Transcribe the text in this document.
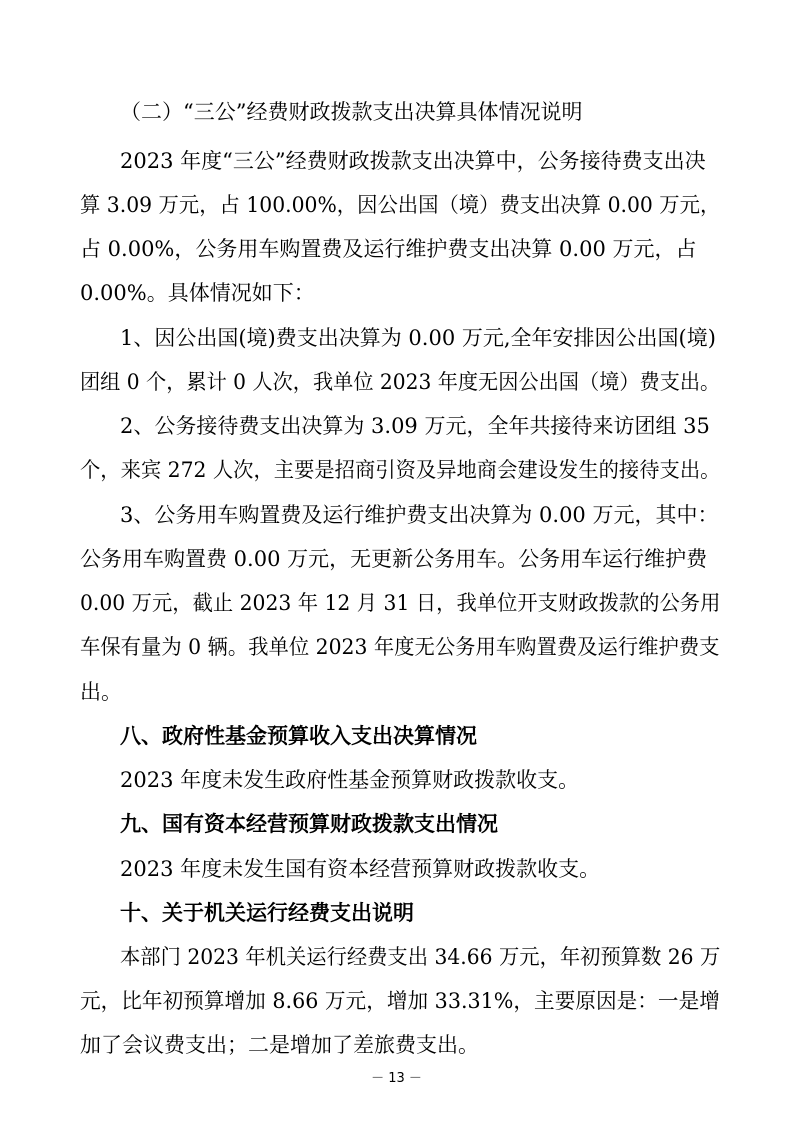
（二）“三公”经费财政拨款支出决算具体情况说明
2023 年度“三公”经费财政拨款支出决算中，公务接待费支出决
算 3.09 万元，占 100.00%，因公出国（境）费支出决算 0.00 万元，
占 0.00%，公务用车购置费及运行维护费支出决算 0.00 万元，占
0.00%。具体情况如下：
1、因公出国(境)费支出决算为 0.00 万元,全年安排因公出国(境)
团组 0 个，累计 0 人次，我单位 2023 年度无因公出国（境）费支出。
2、公务接待费支出决算为 3.09 万元，全年共接待来访团组 35
个，来宾 272 人次，主要是招商引资及异地商会建设发生的接待支出。
3、公务用车购置费及运行维护费支出决算为 0.00 万元，其中：
公务用车购置费 0.00 万元，无更新公务用车。公务用车运行维护费
0.00 万元，截止 2023 年 12 月 31 日，我单位开支财政拨款的公务用
车保有量为 0 辆。我单位 2023 年度无公务用车购置费及运行维护费支
出。
八、政府性基金预算收入支出决算情况
2023 年度未发生政府性基金预算财政拨款收支。
九、国有资本经营预算财政拨款支出情况
2023 年度未发生国有资本经营预算财政拨款收支。
十、关于机关运行经费支出说明
本部门 2023 年机关运行经费支出 34.66 万元，年初预算数 26 万
元，比年初预算增加 8.66 万元，增加 33.31%，主要原因是：一是增
加了会议费支出；二是增加了差旅费支出。
－ 13 －
